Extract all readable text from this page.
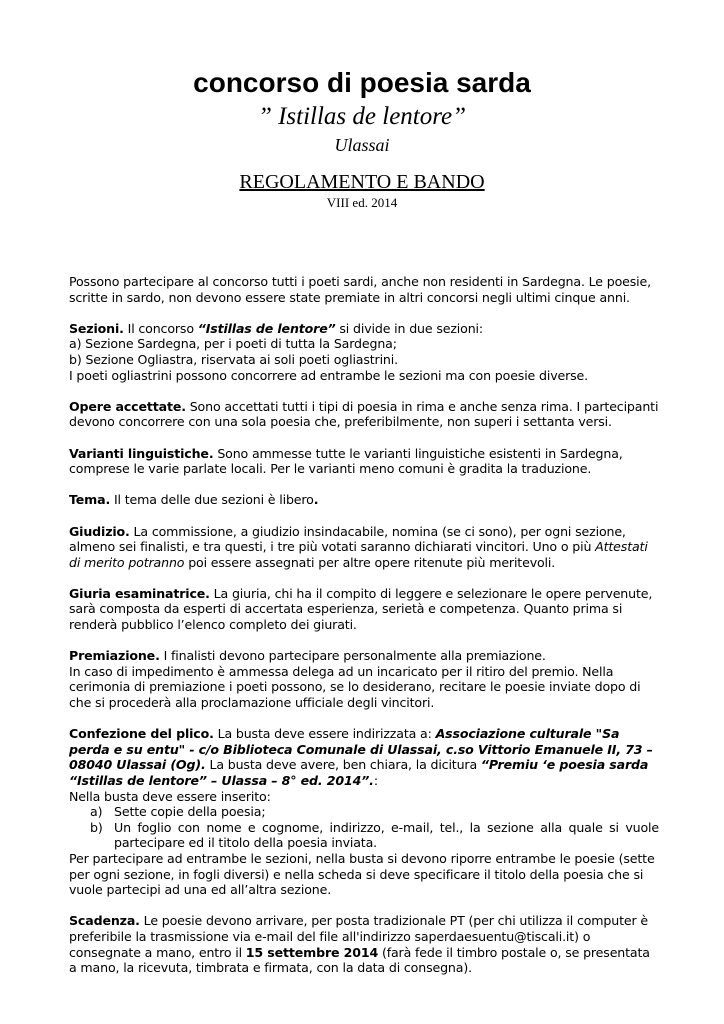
concorso di poesia sarda
” Istillas de lentore”
Ulassai
REGOLAMENTO E BANDO
VIII ed. 2014

Possono partecipare al concorso tutti i poeti sardi, anche non residenti in Sardegna. Le poesie,
scritte in sardo, non devono essere state premiate in altri concorsi negli ultimi cinque anni.

Sezioni. Il concorso “Istillas de lentore” si divide in due sezioni:
a) Sezione Sardegna, per i poeti di tutta la Sardegna;
b) Sezione Ogliastra, riservata ai soli poeti ogliastrini.
I poeti ogliastrini possono concorrere ad entrambe le sezioni ma con poesie diverse.

Opere accettate. Sono accettati tutti i tipi di poesia in rima e anche senza rima. I partecipanti
devono concorrere con una sola poesia che, preferibilmente, non superi i settanta versi.

Varianti linguistiche. Sono ammesse tutte le varianti linguistiche esistenti in Sardegna,
comprese le varie parlate locali. Per le varianti meno comuni è gradita la traduzione.

Tema. Il tema delle due sezioni è libero.

Giudizio. La commissione, a giudizio insindacabile, nomina (se ci sono), per ogni sezione,
almeno sei finalisti, e tra questi, i tre più votati saranno dichiarati vincitori. Uno o più Attestati
di merito potranno poi essere assegnati per altre opere ritenute più meritevoli.

Giuria esaminatrice. La giuria, chi ha il compito di leggere e selezionare le opere pervenute,
sarà composta da esperti di accertata esperienza, serietà e competenza. Quanto prima si
renderà pubblico l’elenco completo dei giurati.

Premiazione. I finalisti devono partecipare personalmente alla premiazione.
In caso di impedimento è ammessa delega ad un incaricato per il ritiro del premio. Nella
cerimonia di premiazione i poeti possono, se lo desiderano, recitare le poesie inviate dopo di
che si procederà alla proclamazione ufficiale degli vincitori.

Confezione del plico. La busta deve essere indirizzata a: Associazione culturale "Sa
perda e su entu" - c/o Biblioteca Comunale di Ulassai, c.so Vittorio Emanuele II, 73 –
08040 Ulassai (Og). La busta deve avere, ben chiara, la dicitura “Premiu ‘e poesia sarda
“Istillas de lentore” – Ulassa – 8° ed. 2014”.:
Nella busta deve essere inserito:
a) Sette copie della poesia;
b) Un foglio con nome e cognome, indirizzo, e-mail, tel., la sezione alla quale si vuole partecipare ed il titolo della poesia inviata.
Per partecipare ad entrambe le sezioni, nella busta si devono riporre entrambe le poesie (sette
per ogni sezione, in fogli diversi) e nella scheda si deve specificare il titolo della poesia che si
vuole partecipi ad una ed all’altra sezione.

Scadenza. Le poesie devono arrivare, per posta tradizionale PT (per chi utilizza il computer è
preferibile la trasmissione via e-mail del file all'indirizzo saperdaesuentu@tiscali.it) o
consegnate a mano, entro il 15 settembre 2014 (farà fede il timbro postale o, se presentata
a mano, la ricevuta, timbrata e firmata, con la data di consegna).
